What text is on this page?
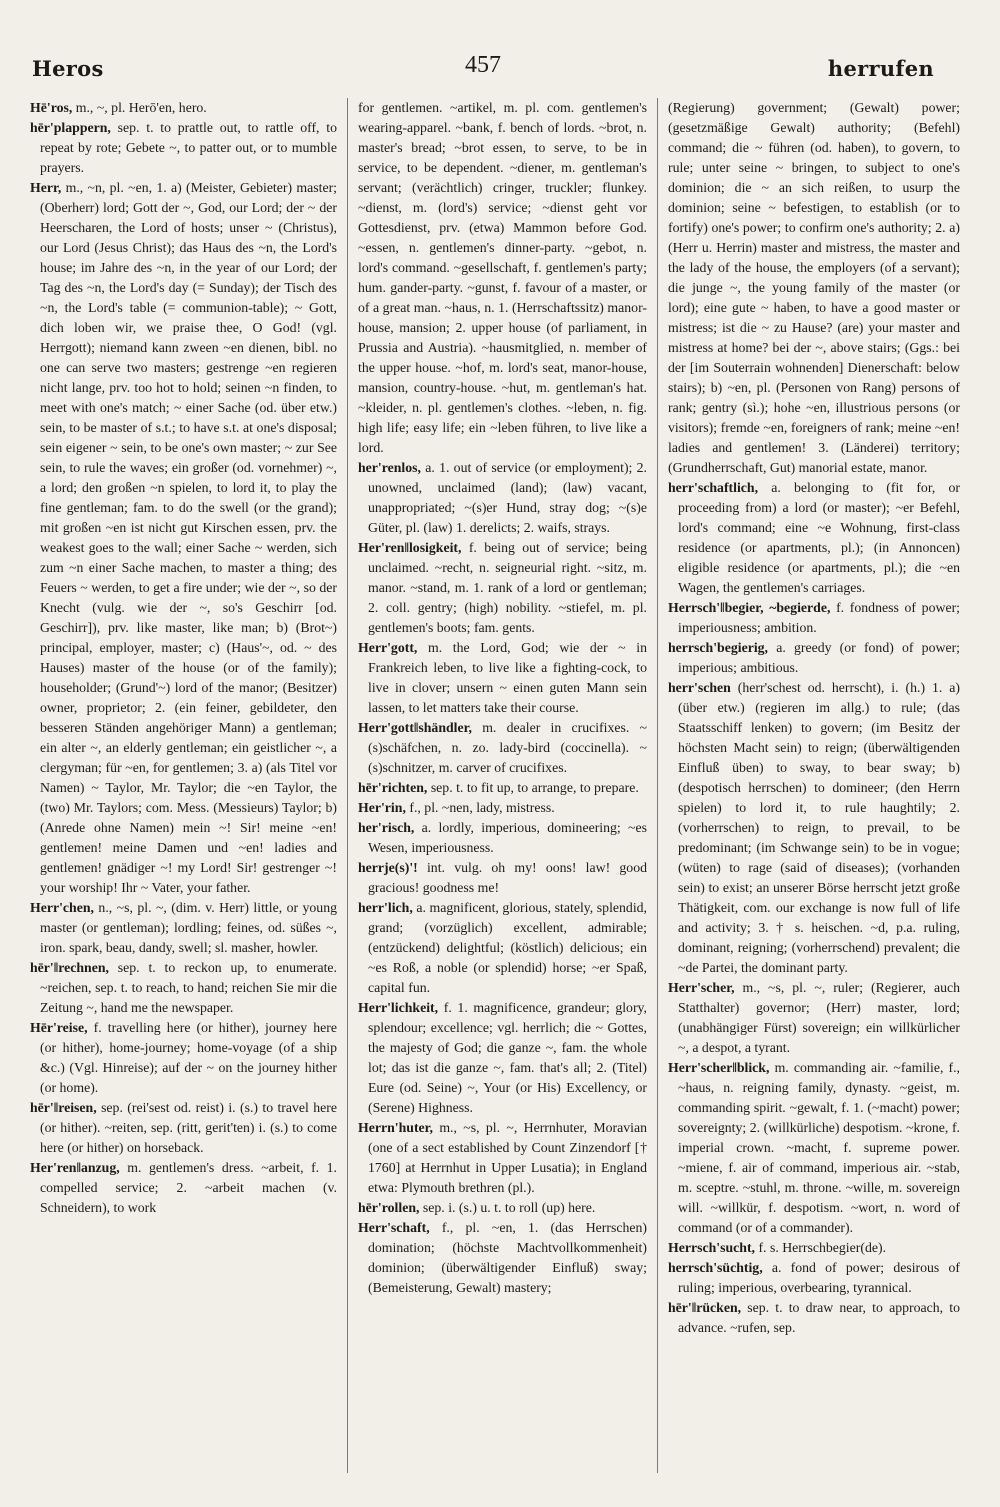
Heros	457	herrufen

Hē'ros, m., ~, pl. Herō'en, hero.

hēr'plappern, sep. t. to prattle out, to rattle off, to repeat by rote; Gebete ~, to patter out, or to mumble prayers.

Herr, m., ~n, pl. ~en, 1. a) (Meister, Gebieter) master; (Oberherr) lord; Gott der ~, God, our Lord; der ~ der Heerscharen, the Lord of hosts; unser ~ (Christus), our Lord (Jesus Christ); das Haus des ~n, the Lord's house; im Jahre des ~n, in the year of our Lord; der Tag des ~n, the Lord's day (= Sunday); der Tisch des ~n, the Lord's table (= communion-table); ~ Gott, dich loben wir, we praise thee, O God! (vgl. Herrgott); niemand kann zween ~en dienen, bibl. no one can serve two masters; gestrenge ~en regieren nicht lange, prv. too hot to hold; seinen ~n finden, to meet with one's match; ~ einer Sache (od. über etw.) sein, to be master of s.t.; to have s.t. at one's disposal; sein eigener ~ sein, to be one's own master; ~ zur See sein, to rule the waves; ein großer (od. vornehmer) ~, a lord; den großen ~n spielen, to lord it, to play the fine gentleman; fam. to do the swell (or the grand); mit großen ~en ist nicht gut Kirschen essen, prv. the weakest goes to the wall; einer Sache ~ werden, sich zum ~n einer Sache machen, to master a thing; des Feuers ~ werden, to get a fire under; wie der ~, so der Knecht (vulg. wie der ~, so's Geschirr [od. Geschirr]), prv. like master, like man; b) (Brot~) principal, employer, master; c) (Haus'~, od. ~ des Hauses) master of the house (or of the family); householder; (Grund'~) lord of the manor; (Besitzer) owner, proprietor; 2. (ein feiner, gebildeter, den besseren Ständen angehöriger Mann) a gentleman; ein alter ~, an elderly gentleman; ein geistlicher ~, a clergyman; für ~en, for gentlemen; 3. a) (als Titel vor Namen) ~ Taylor, Mr. Taylor; die ~en Taylor, the (two) Mr. Taylors; com. Mess. (Messieurs) Taylor; b) (Anrede ohne Namen) mein ~! Sir! meine ~en! gentlemen! meine Damen und ~en! ladies and gentlemen! gnädiger ~! my Lord! Sir! gestrenger ~! your worship! Ihr ~ Vater, your father.

Herr'chen, n., ~s, pl. ~, (dim. v. Herr) little, or young master (or gentleman); lordling; feines, od. süßes ~, iron. spark, beau, dandy, swell; sl. masher, howler.

hēr'‖rechnen, sep. t. to reckon up, to enumerate. ~reichen, sep. t. to reach, to hand; reichen Sie mir die Zeitung ~, hand me the newspaper.

Hēr'reise, f. travelling here (or hither), journey here (or hither), home-journey; home-voyage (of a ship &c.) (Vgl. Hinreise); auf der ~ on the journey hither (or home).

hēr'‖reisen, sep. (rei'sest od. reist) i. (s.) to travel here (or hither). ~reiten, sep. (ritt, gerit'ten) i. (s.) to come here (or hither) on horseback.

Her'ren‖anzug, m. gentlemen's dress. ~arbeit, f. 1. compelled service; 2. ~arbeit machen (v. Schneidern), to work

for gentlemen. ~artikel, m. pl. com. gentlemen's wearing-apparel. ~bank, f. bench of lords. ~brot, n. master's bread; ~brot essen, to serve, to be in service, to be dependent. ~diener, m. gentleman's servant; (verächtlich) cringer, truckler; flunkey. ~dienst, m. (lord's) service; ~dienst geht vor Gottesdienst, prv. (etwa) Mammon before God. ~essen, n. gentlemen's dinner-party. ~gebot, n. lord's command. ~gesellschaft, f. gentlemen's party; hum. gander-party. ~gunst, f. favour of a master, or of a great man. ~haus, n. 1. (Herrschaftssitz) manor-house, mansion; 2. upper house (of parliament, in Prussia and Austria). ~hausmitglied, n. member of the upper house. ~hof, m. lord's seat, manor-house, mansion, country-house. ~hut, m. gentleman's hat. ~kleider, n. pl. gentlemen's clothes. ~leben, n. fig. high life; easy life; ein ~leben führen, to live like a lord.

her'renlos, a. 1. out of service (or employment); 2. unowned, unclaimed (land); (law) vacant, unappropriated; ~(s)er Hund, stray dog; ~(s)e Güter, pl. (law) 1. derelicts; 2. waifs, strays.

Her'ren‖losigkeit, f. being out of service; being unclaimed. ~recht, n. seigneurial right. ~sitz, m. manor. ~stand, m. 1. rank of a lord or gentleman; 2. coll. gentry; (high) nobility. ~stiefel, m. pl. gentlemen's boots; fam. gents.

Herr'gott, m. the Lord, God; wie der ~ in Frankreich leben, to live like a fighting-cock, to live in clover; unsern ~ einen guten Mann sein lassen, to let matters take their course.

Herr'gott‖shändler, m. dealer in crucifixes. ~(s)schäfchen, n. zo. lady-bird (coccinella). ~(s)schnitzer, m. carver of crucifixes.

hēr'richten, sep. t. to fit up, to arrange, to prepare.

Her'rin, f., pl. ~nen, lady, mistress.

her'risch, a. lordly, imperious, domineering; ~es Wesen, imperiousness.

herrje(s)'! int. vulg. oh my! oons! law! good gracious! goodness me!

herr'lich, a. magnificent, glorious, stately, splendid, grand; (vorzüglich) excellent, admirable; (entzückend) delightful; (köstlich) delicious; ein ~es Roß, a noble (or splendid) horse; ~er Spaß, capital fun.

Herr'lichkeit, f. 1. magnificence, grandeur; glory, splendour; excellence; vgl. herrlich; die ~ Gottes, the majesty of God; die ganze ~, fam. the whole lot; das ist die ganze ~, fam. that's all; 2. (Titel) Eure (od. Seine) ~, Your (or His) Excellency, or (Serene) Highness.

Herrn'huter, m., ~s, pl. ~, Herrnhuter, Moravian (one of a sect established by Count Zinzendorf [† 1760] at Herrnhut in Upper Lusatia); in England etwa: Plymouth brethren (pl.).

hēr'rollen, sep. i. (s.) u. t. to roll (up) here.

Herr'schaft, f., pl. ~en, 1. (das Herrschen) domination; (höchste Machtvollkommenheit) dominion; (überwältigender Einfluß) sway; (Bemeisterung, Gewalt) mastery;

(Regierung) government; (Gewalt) power; (gesetzmäßige Gewalt) authority; (Befehl) command; die ~ führen (od. haben), to govern, to rule; unter seine ~ bringen, to subject to one's dominion; die ~ an sich reißen, to usurp the dominion; seine ~ befestigen, to establish (or to fortify) one's power; to confirm one's authority; 2. a) (Herr u. Herrin) master and mistress, the master and the lady of the house, the employers (of a servant); die junge ~, the young family of the master (or lord); eine gute ~ haben, to have a good master or mistress; ist die ~ zu Hause? (are) your master and mistress at home? bei der ~, above stairs; (Ggs.: bei der [im Souterrain wohnenden] Dienerschaft: below stairs); b) ~en, pl. (Personen von Rang) persons of rank; gentry (sì.); hohe ~en, illustrious persons (or visitors); fremde ~en, foreigners of rank; meine ~en! ladies and gentlemen! 3. (Länderei) territory; (Grundherrschaft, Gut) manorial estate, manor.

herr'schaftlich, a. belonging to (fit for, or proceeding from) a lord (or master); ~er Befehl, lord's command; eine ~e Wohnung, first-class residence (or apartments, pl.); (in Annoncen) eligible residence (or apartments, pl.); die ~en Wagen, the gentlemen's carriages.

Herrsch'‖begier, ~begierde, f. fondness of power; imperiousness; ambition.

herrsch'begierig, a. greedy (or fond) of power; imperious; ambitious.

herr'schen (herr'schest od. herrscht), i. (h.) 1. a) (über etw.) (regieren im allg.) to rule; (das Staatsschiff lenken) to govern; (im Besitz der höchsten Macht sein) to reign; (überwältigenden Einfluß üben) to sway, to bear sway; b) (despotisch herrschen) to domineer; (den Herrn spielen) to lord it, to rule haughtily; 2. (vorherrschen) to reign, to prevail, to be predominant; (im Schwange sein) to be in vogue; (wüten) to rage (said of diseases); (vorhanden sein) to exist; an unserer Börse herrscht jetzt große Thätigkeit, com. our exchange is now full of life and activity; 3. † s. heischen. ~d, p.a. ruling, dominant, reigning; (vorherrschend) prevalent; die ~de Partei, the dominant party.

Herr'scher, m., ~s, pl. ~, ruler; (Regierer, auch Statthalter) governor; (Herr) master, lord; (unabhängiger Fürst) sovereign; ein willkürlicher ~, a despot, a tyrant.

Herr'scher‖blick, m. commanding air. ~familie, f., ~haus, n. reigning family, dynasty. ~geist, m. commanding spirit. ~gewalt, f. 1. (~macht) power; sovereignty; 2. (willkürliche) despotism. ~krone, f. imperial crown. ~macht, f. supreme power. ~miene, f. air of command, imperious air. ~stab, m. sceptre. ~stuhl, m. throne. ~wille, m. sovereign will. ~willkür, f. despotism. ~wort, n. word of command (or of a commander).

Herrsch'sucht, f. s. Herrschbegier(de).

herrsch'süchtig, a. fond of power; desirous of ruling; imperious, overbearing, tyrannical.

hēr'‖rücken, sep. t. to draw near, to approach, to advance. ~rufen, sep.
